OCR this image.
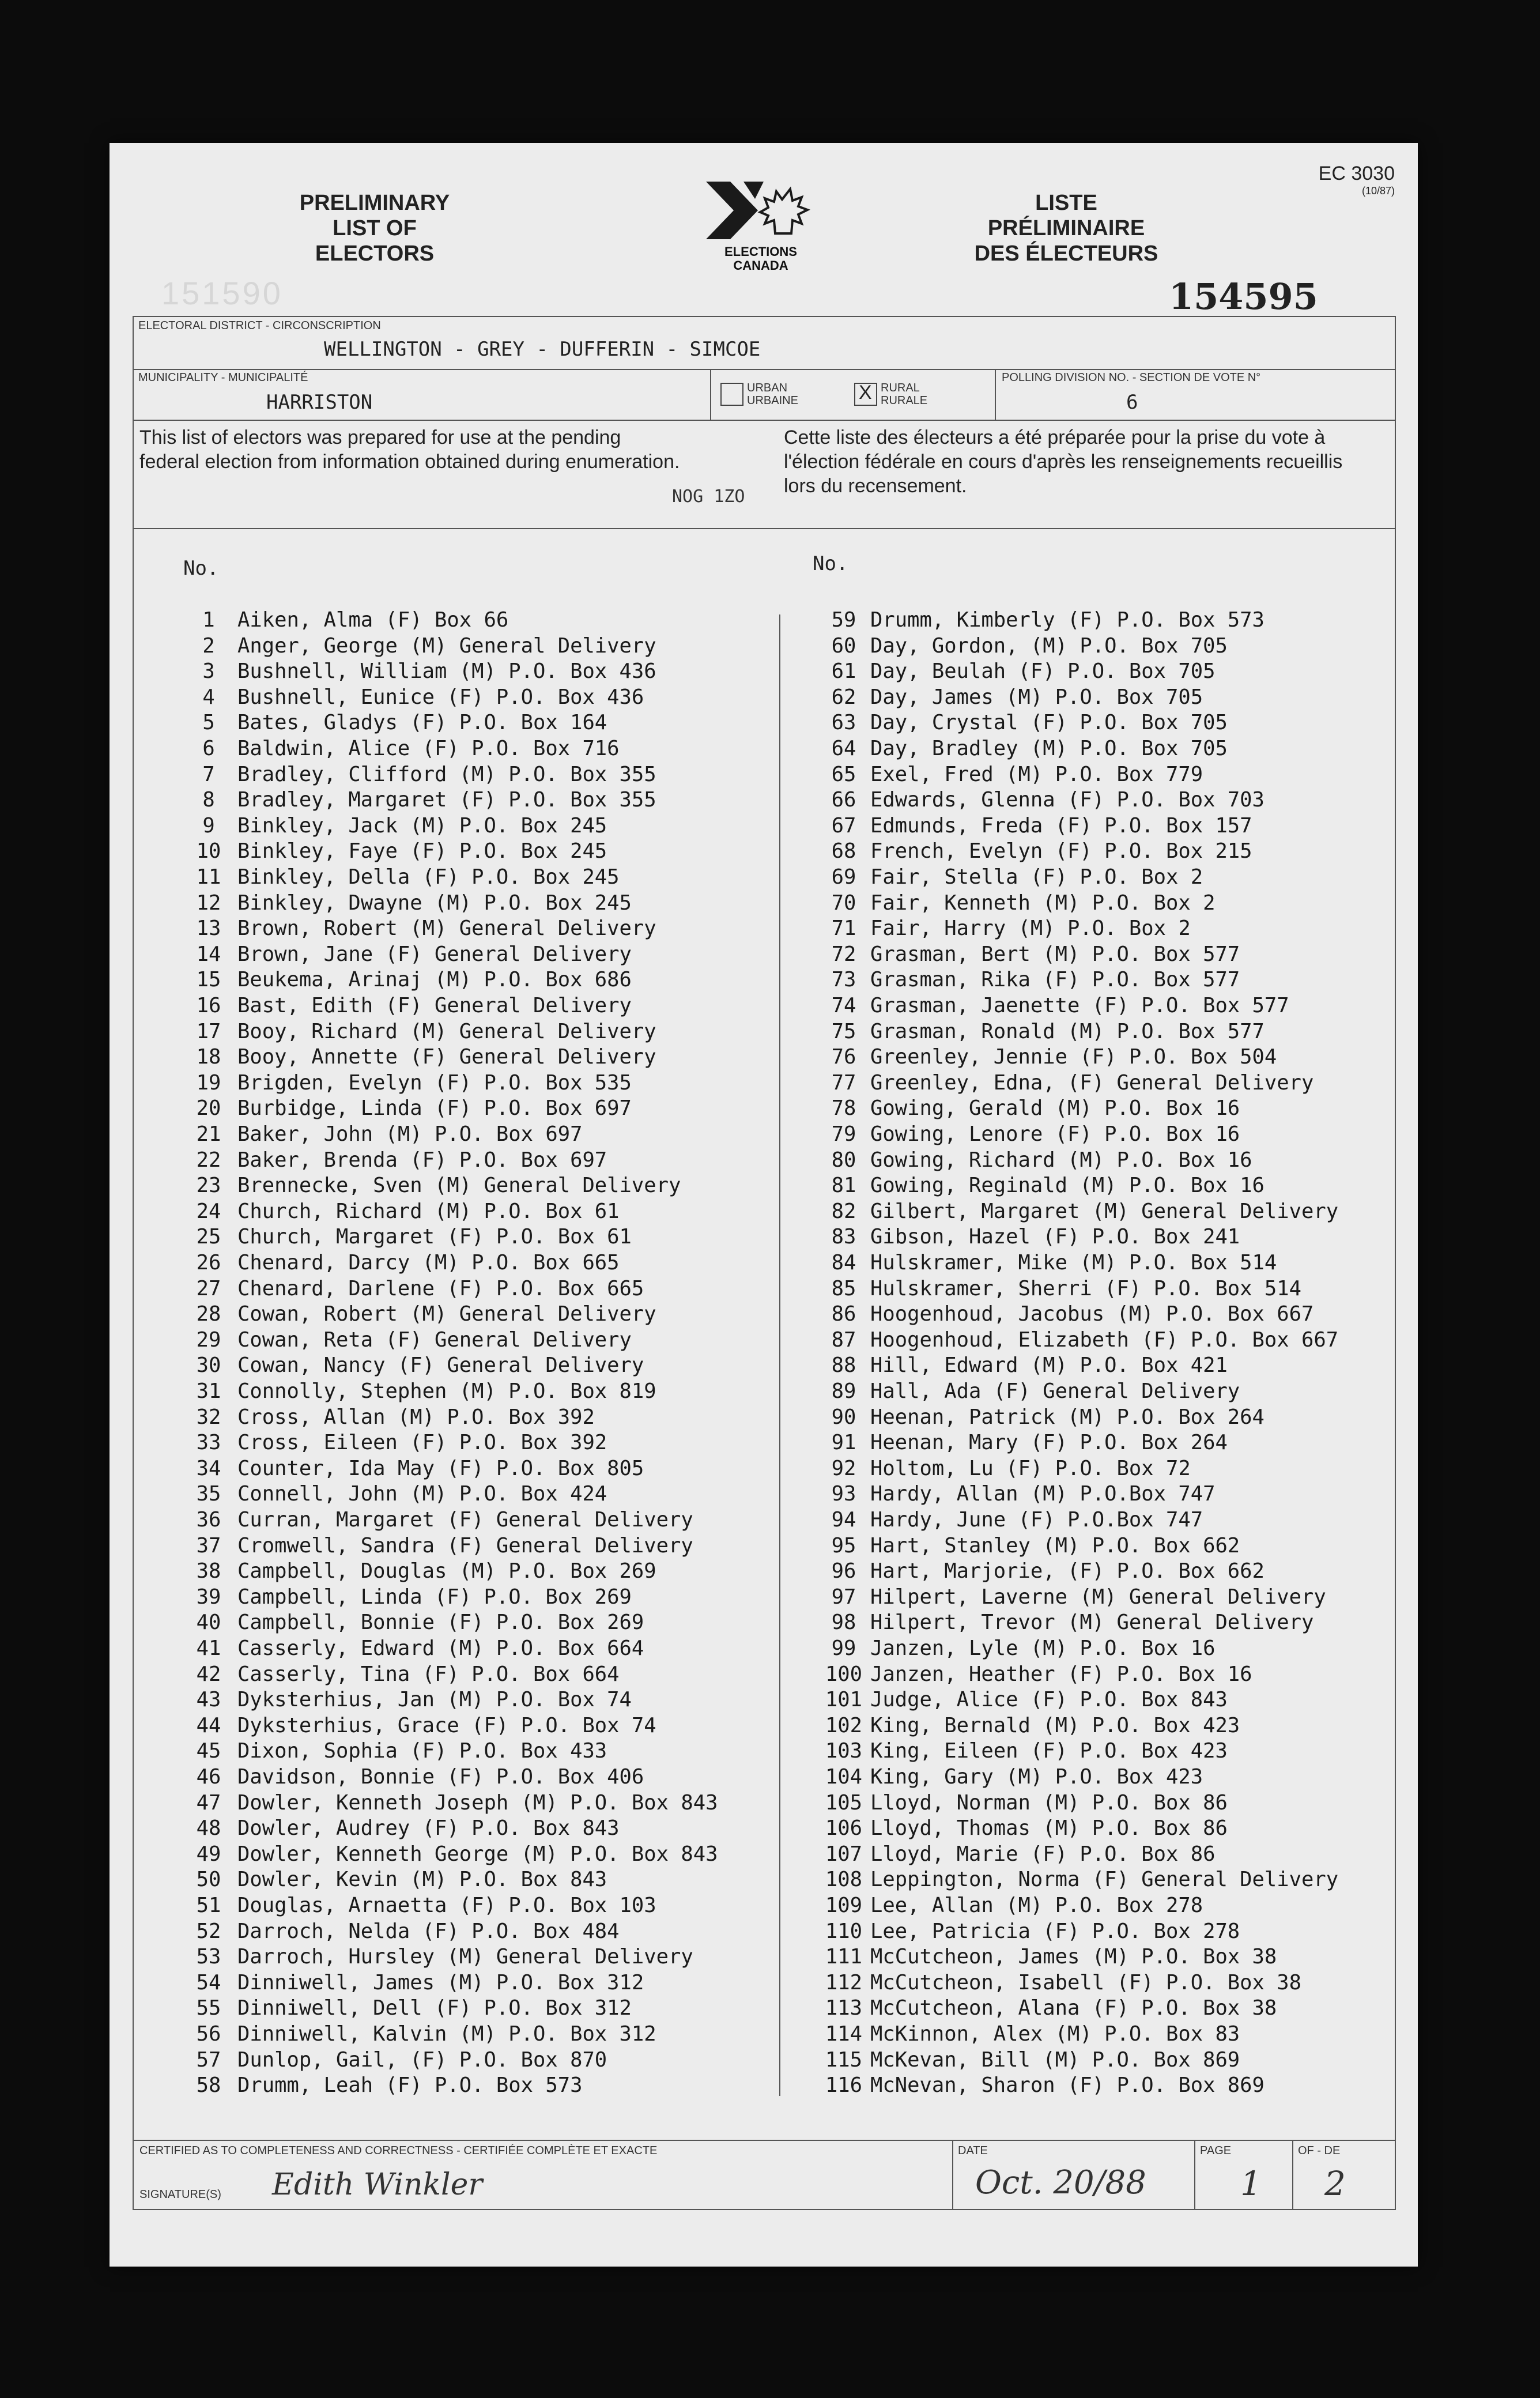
EC 3030
(10/87)
PRELIMINARY
LIST OF
ELECTORS	ELECTIONS
CANADA
LISTE
PRÉLIMINAIRE
DES ÉLECTEURS
151590	154595
ELECTORAL DISTRICT - CIRCONSCRIPTION
WELLINGTON - GREY - DUFFERIN - SIMCOE
MUNICIPALITY - MUNICIPALITÉ
HARRISTON
URBAN
URBAINE	X RURAL
RURALE
POLLING DIVISION NO. - SECTION DE VOTE N°
6
This list of electors was prepared for use at the pending federal election from information obtained during enumeration.
NOG 1ZO
Cette liste des électeurs a été préparée pour la prise du vote à l'élection fédérale en cours d'après les renseignements recueillis lors du recensement.
No.	No.
1 Aiken, Alma (F) Box 66
2 Anger, George (M) General Delivery
3 Bushnell, William (M) P.O. Box 436
4 Bushnell, Eunice (F) P.O. Box 436
5 Bates, Gladys (F) P.O. Box 164
6 Baldwin, Alice (F) P.O. Box 716
7 Bradley, Clifford (M) P.O. Box 355
8 Bradley, Margaret (F) P.O. Box 355
9 Binkley, Jack (M) P.O. Box 245
10 Binkley, Faye (F) P.O. Box 245
11 Binkley, Della (F) P.O. Box 245
12 Binkley, Dwayne (M) P.O. Box 245
13 Brown, Robert (M) General Delivery
14 Brown, Jane (F) General Delivery
15 Beukema, Arinaj (M) P.O. Box 686
16 Bast, Edith (F) General Delivery
17 Booy, Richard (M) General Delivery
18 Booy, Annette (F) General Delivery
19 Brigden, Evelyn (F) P.O. Box 535
20 Burbidge, Linda (F) P.O. Box 697
21 Baker, John (M) P.O. Box 697
22 Baker, Brenda (F) P.O. Box 697
23 Brennecke, Sven (M) General Delivery
24 Church, Richard (M) P.O. Box 61
25 Church, Margaret (F) P.O. Box 61
26 Chenard, Darcy (M) P.O. Box 665
27 Chenard, Darlene (F) P.O. Box 665
28 Cowan, Robert (M) General Delivery
29 Cowan, Reta (F) General Delivery
30 Cowan, Nancy (F) General Delivery
31 Connolly, Stephen (M) P.O. Box 819
32 Cross, Allan (M) P.O. Box 392
33 Cross, Eileen (F) P.O. Box 392
34 Counter, Ida May (F) P.O. Box 805
35 Connell, John (M) P.O. Box 424
36 Curran, Margaret (F) General Delivery
37 Cromwell, Sandra (F) General Delivery
38 Campbell, Douglas (M) P.O. Box 269
39 Campbell, Linda (F) P.O. Box 269
40 Campbell, Bonnie (F) P.O. Box 269
41 Casserly, Edward (M) P.O. Box 664
42 Casserly, Tina (F) P.O. Box 664
43 Dyksterhius, Jan (M) P.O. Box 74
44 Dyksterhius, Grace (F) P.O. Box 74
45 Dixon, Sophia (F) P.O. Box 433
46 Davidson, Bonnie (F) P.O. Box 406
47 Dowler, Kenneth Joseph (M) P.O. Box 843
48 Dowler, Audrey (F) P.O. Box 843
49 Dowler, Kenneth George (M) P.O. Box 843
50 Dowler, Kevin (M) P.O. Box 843
51 Douglas, Arnaetta (F) P.O. Box 103
52 Darroch, Nelda (F) P.O. Box 484
53 Darroch, Hursley (M) General Delivery
54 Dinniwell, James (M) P.O. Box 312
55 Dinniwell, Dell (F) P.O. Box 312
56 Dinniwell, Kalvin (M) P.O. Box 312
57 Dunlop, Gail, (F) P.O. Box 870
58 Drumm, Leah (F) P.O. Box 573
59 Drumm, Kimberly (F) P.O. Box 573
60 Day, Gordon, (M) P.O. Box 705
61 Day, Beulah (F) P.O. Box 705
62 Day, James (M) P.O. Box 705
63 Day, Crystal (F) P.O. Box 705
64 Day, Bradley (M) P.O. Box 705
65 Exel, Fred (M) P.O. Box 779
66 Edwards, Glenna (F) P.O. Box 703
67 Edmunds, Freda (F) P.O. Box 157
68 French, Evelyn (F) P.O. Box 215
69 Fair, Stella (F) P.O. Box 2
70 Fair, Kenneth (M) P.O. Box 2
71 Fair, Harry (M) P.O. Box 2
72 Grasman, Bert (M) P.O. Box 577
73 Grasman, Rika (F) P.O. Box 577
74 Grasman, Jaenette (F) P.O. Box 577
75 Grasman, Ronald (M) P.O. Box 577
76 Greenley, Jennie (F) P.O. Box 504
77 Greenley, Edna, (F) General Delivery
78 Gowing, Gerald (M) P.O. Box 16
79 Gowing, Lenore (F) P.O. Box 16
80 Gowing, Richard (M) P.O. Box 16
81 Gowing, Reginald (M) P.O. Box 16
82 Gilbert, Margaret (M) General Delivery
83 Gibson, Hazel (F) P.O. Box 241
84 Hulskramer, Mike (M) P.O. Box 514
85 Hulskramer, Sherri (F) P.O. Box 514
86 Hoogenhoud, Jacobus (M) P.O. Box 667
87 Hoogenhoud, Elizabeth (F) P.O. Box 667
88 Hill, Edward (M) P.O. Box 421
89 Hall, Ada (F) General Delivery
90 Heenan, Patrick (M) P.O. Box 264
91 Heenan, Mary (F) P.O. Box 264
92 Holtom, Lu (F) P.O. Box 72
93 Hardy, Allan (M) P.O.Box 747
94 Hardy, June (F) P.O.Box 747
95 Hart, Stanley (M) P.O. Box 662
96 Hart, Marjorie, (F) P.O. Box 662
97 Hilpert, Laverne (M) General Delivery
98 Hilpert, Trevor (M) General Delivery
99 Janzen, Lyle (M) P.O. Box 16
100 Janzen, Heather (F) P.O. Box 16
101 Judge, Alice (F) P.O. Box 843
102 King, Bernald (M) P.O. Box 423
103 King, Eileen (F) P.O. Box 423
104 King, Gary (M) P.O. Box 423
105 Lloyd, Norman (M) P.O. Box 86
106 Lloyd, Thomas (M) P.O. Box 86
107 Lloyd, Marie (F) P.O. Box 86
108 Leppington, Norma (F) General Delivery
109 Lee, Allan (M) P.O. Box 278
110 Lee, Patricia (F) P.O. Box 278
111 McCutcheon, James (M) P.O. Box 38
112 McCutcheon, Isabell (F) P.O. Box 38
113 McCutcheon, Alana (F) P.O. Box 38
114 McKinnon, Alex (M) P.O. Box 83
115 McKevan, Bill (M) P.O. Box 869
116 McNevan, Sharon (F) P.O. Box 869
CERTIFIED AS TO COMPLETENESS AND CORRECTNESS - CERTIFIÉE COMPLÈTE ET EXACTE
SIGNATURE(S) Edith Winkler
DATE
Oct. 20/88
PAGE
1
OF - DE
2
